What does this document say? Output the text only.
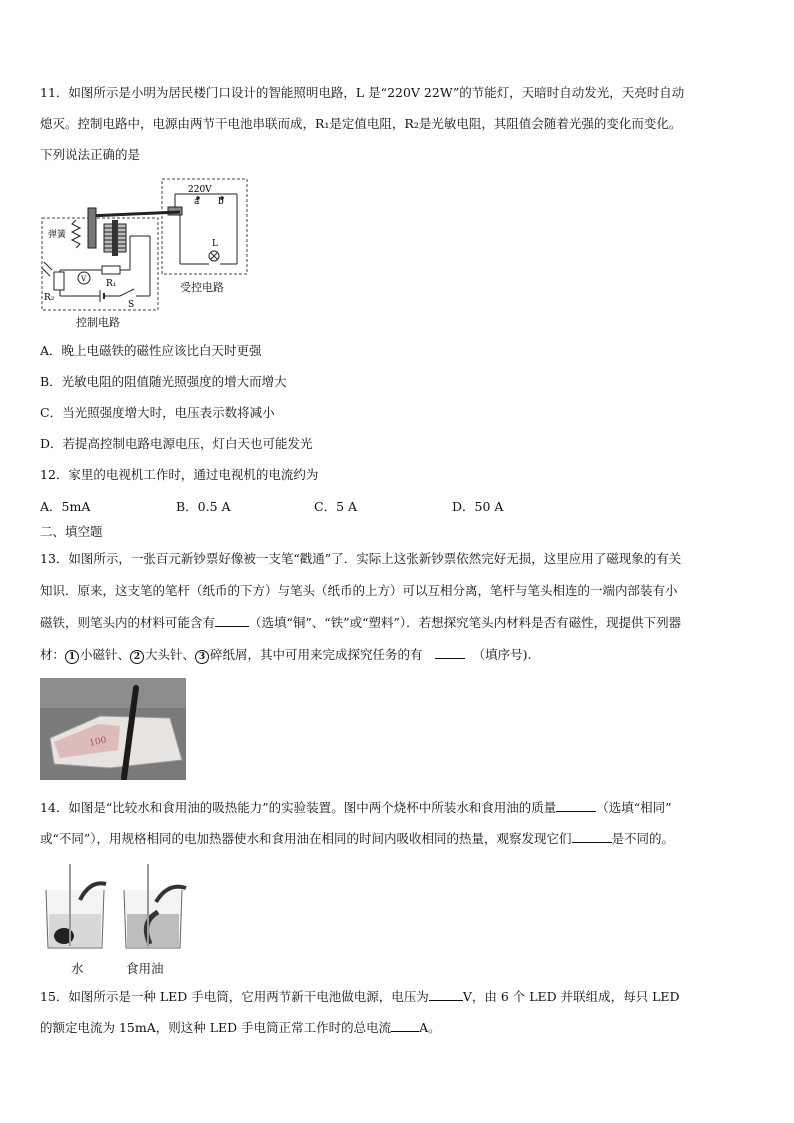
11．如图所示是小明为居民楼门口设计的智能照明电路，L 是“220V 22W”的节能灯，天暗时自动发光，天亮时自动
熄灭。控制电路中，电源由两节干电池串联而成，R₁是定值电阻，R₂是光敏电阻，其阻值会随着光强的变化而变化。
下列说法正确的是
220V
a b
L
弹簧
V R₁
R₂
S
受控电路
控制电路
A．晚上电磁铁的磁性应该比白天时更强
B．光敏电阻的阻值随光照强度的增大而增大
C．当光照强度增大时，电压表示数将减小
D．若提高控制电路电源电压，灯白天也可能发光
12．家里的电视机工作时，通过电视机的电流约为
A．5mA	B．0.5 A	C．5 A	D．50 A
二、填空题
13．如图所示，一张百元新钞票好像被一支笔“戳通”了．实际上这张新钞票依然完好无损，这里应用了磁现象的有关
知识．原来，这支笔的笔杆（纸币的下方）与笔头（纸币的上方）可以互相分离，笔杆与笔头相连的一端内部装有小
磁铁，则笔头内的材料可能含有	（选填“铜”、“铁”或“塑料”）．若想探究笔头内材料是否有磁性，现提供下列器
材： 1 小磁针、 2 大头针、 3 碎纸屑，其中可用来完成探究任务的有	（填序号).
100
14．如图是“比较水和食用油的吸热能力”的实验装置。图中两个烧杯中所装水和食用油的质量	（选填“相同”
或“不同”），用规格相同的电加热器使水和食用油在相同的时间内吸收相同的热量，观察发现它们	是不同的。
水	食用油
15．如图所示是一种 LED 手电筒，它用两节新干电池做电源，电压为	V，由 6 个 LED 并联组成，每只 LED
的额定电流为 15mA，则这种 LED 手电筒正常工作时的总电流 A。
